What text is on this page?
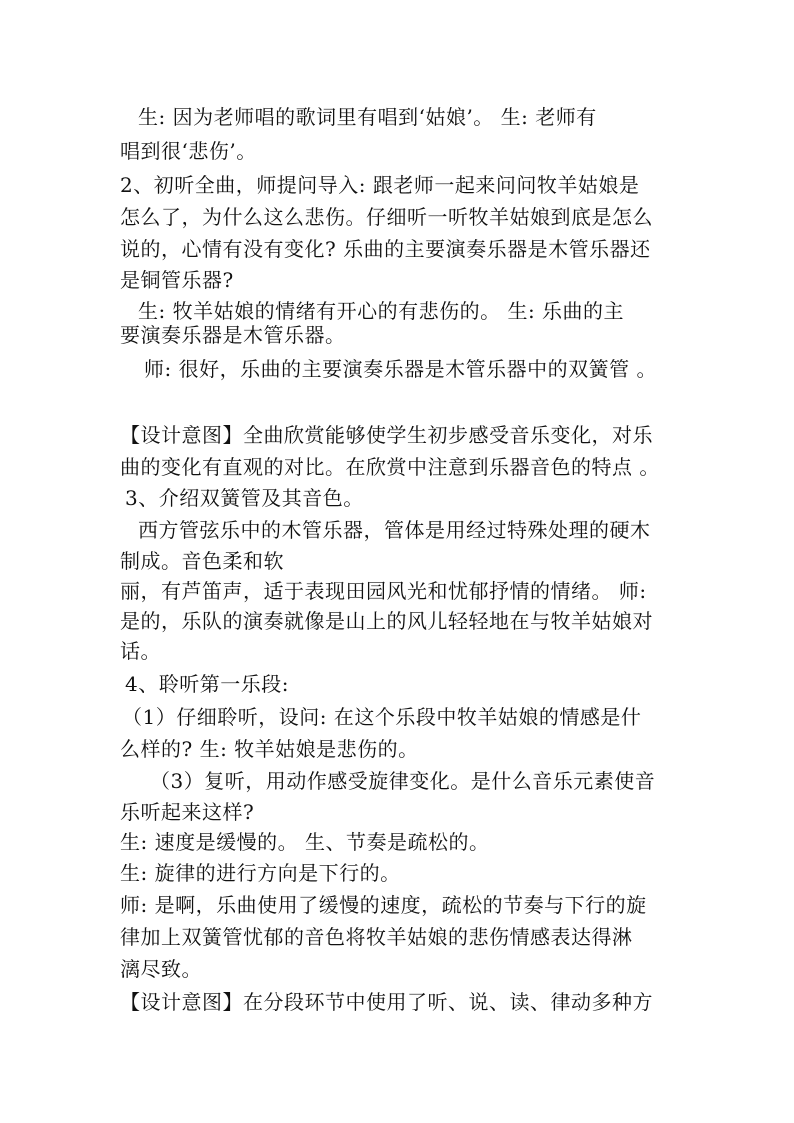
生: 因为老师唱的歌词里有唱到‘姑娘’。 生: 老师有
唱到很‘悲伤’。
2、初听全曲，师提问导入: 跟老师一起来问问牧羊姑娘是
怎么了，为什么这么悲伤。仔细听一听牧羊姑娘到底是怎么
说的，心情有没有变化? 乐曲的主要演奏乐器是木管乐器还
是铜管乐器?
生: 牧羊姑娘的情绪有开心的有悲伤的。 生: 乐曲的主
要演奏乐器是木管乐器。
师: 很好，乐曲的主要演奏乐器是木管乐器中的双簧管 。
【设计意图】全曲欣赏能够使学生初步感受音乐变化，对乐
曲的变化有直观的对比。在欣赏中注意到乐器音色的特点 。
3、介绍双簧管及其音色。
西方管弦乐中的木管乐器，管体是用经过特殊处理的硬木
制成。音色柔和软
丽，有芦笛声，适于表现田园风光和忧郁抒情的情绪。 师:
是的，乐队的演奏就像是山上的风儿轻轻地在与牧羊姑娘对
话。
4、聆听第一乐段:
（1）仔细聆听，设问: 在这个乐段中牧羊姑娘的情感是什
么样的? 生: 牧羊姑娘是悲伤的。
（3）复听，用动作感受旋律变化。是什么音乐元素使音
乐听起来这样?
生: 速度是缓慢的。 生、节奏是疏松的。
生: 旋律的进行方向是下行的。
师: 是啊，乐曲使用了缓慢的速度，疏松的节奏与下行的旋
律加上双簧管忧郁的音色将牧羊姑娘的悲伤情感表达得淋
漓尽致。
【设计意图】在分段环节中使用了听、说、读、律动多种方
